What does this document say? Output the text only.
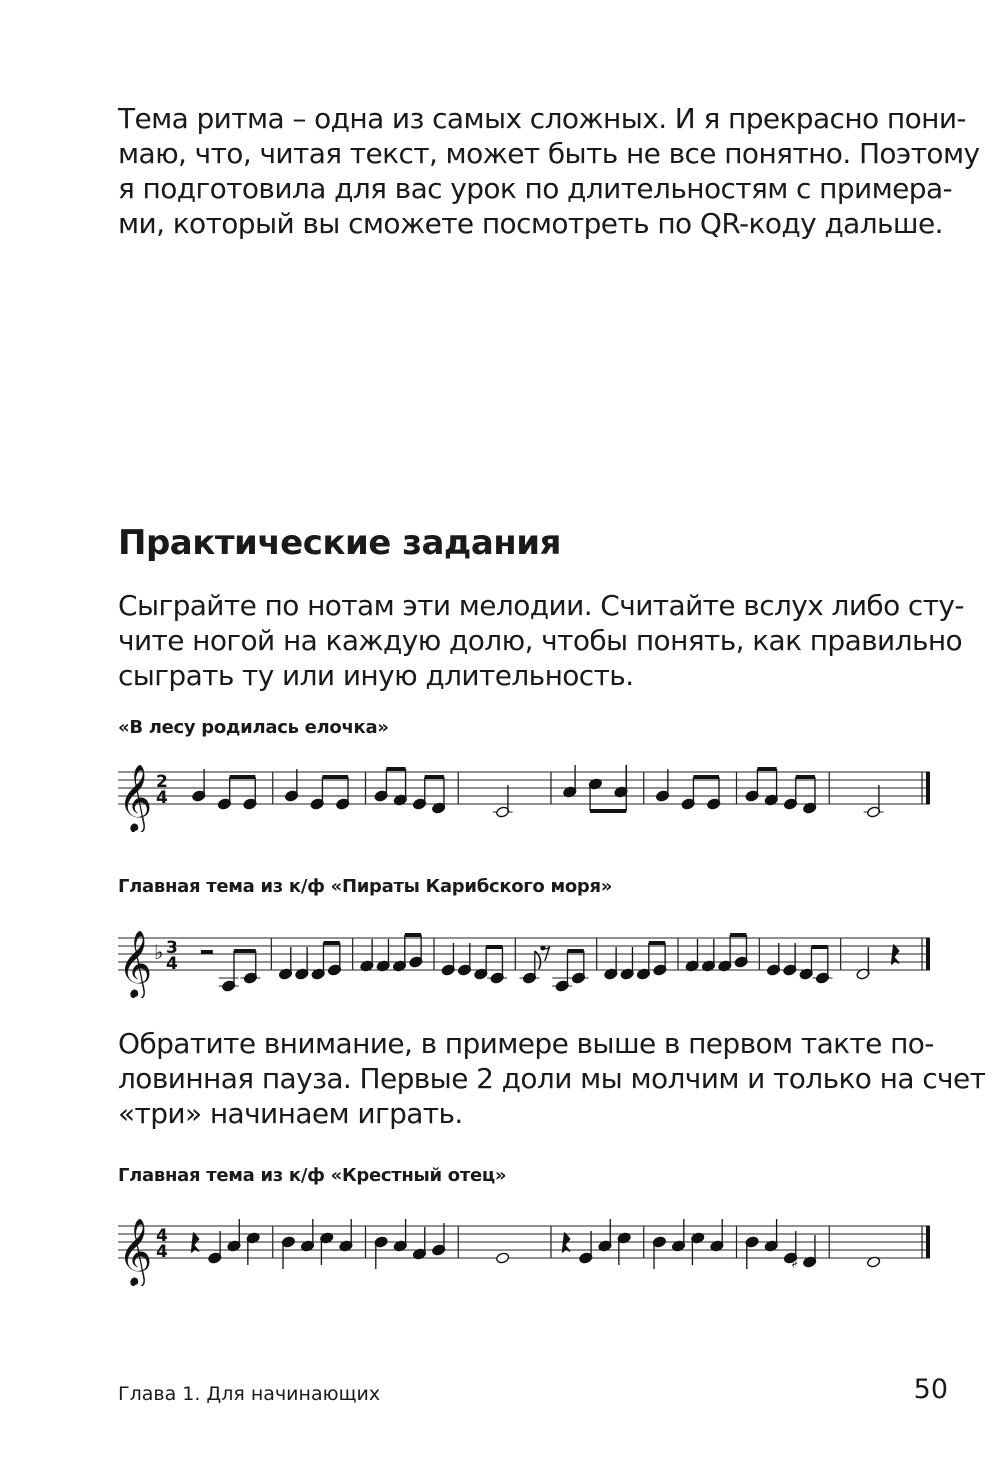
Тема ритма – одна из самых сложных. И я прекрасно пони-
маю, что, читая текст, может быть не все понятно. Поэтому
я подготовила для вас урок по длительностям с примера-
ми, который вы сможете посмотреть по QR-коду дальше.

Практические задания

Сыграйте по нотам эти мелодии. Считайте вслух либо сту-
чите ногой на каждую долю, чтобы понять, как правильно
сыграть ту или иную длительность.

«В лесу родилась елочка»

𝄞 2
4

Главная тема из к/ф «Пираты Карибского моря»

𝄞 ♭ 3
4

Обратите внимание, в примере выше в первом такте по-
ловинная пауза. Первые 2 доли мы молчим и только на счет
«три» начинаем играть.

Главная тема из к/ф «Крестный отец»

𝄞 4
4
♯
Глава 1. Для начинающих	50
